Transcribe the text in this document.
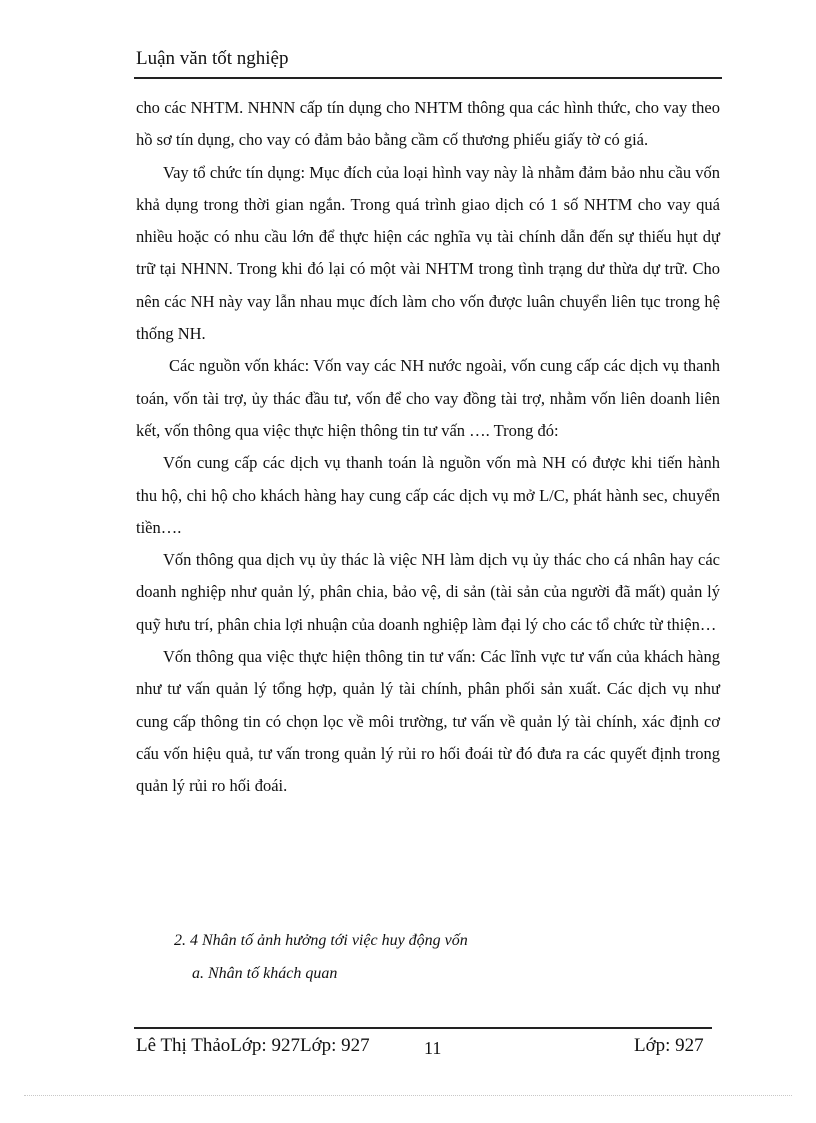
Luận văn tốt nghiệp

cho các NHTM. NHNN cấp tín dụng cho NHTM thông qua các hình thức, cho vay theo hồ sơ tín dụng, cho vay có đảm bảo bằng cầm cố thương phiếu giấy tờ có giá.

Vay tổ chức tín dụng: Mục đích của loại hình vay này là nhằm đảm bảo nhu cầu vốn khả dụng trong thời gian ngắn. Trong quá trình giao dịch có 1 số NHTM cho vay quá nhiều hoặc có nhu cầu lớn để thực hiện các nghĩa vụ tài chính dẫn đến sự thiếu hụt dự trữ tại NHNN. Trong khi đó lại có một vài NHTM trong tình trạng dư thừa dự trữ. Cho nên các NH này vay lẫn nhau mục đích làm cho vốn được luân chuyển liên tục trong hệ thống NH.

Các nguồn vốn khác: Vốn vay các NH nước ngoài, vốn cung cấp các dịch vụ thanh toán, vốn tài trợ, ủy thác đầu tư, vốn để cho vay đồng tài trợ, nhằm vốn liên doanh liên kết, vốn thông qua việc thực hiện thông tin tư vấn …. Trong đó:

Vốn cung cấp các dịch vụ thanh toán là nguồn vốn mà NH có được khi tiến hành thu hộ, chi hộ cho khách hàng hay cung cấp các dịch vụ mở L/C, phát hành sec, chuyển tiền….

Vốn thông qua dịch vụ ủy thác là việc NH làm dịch vụ ủy thác cho cá nhân hay các doanh nghiệp như quản lý, phân chia, bảo vệ, di sản (tài sản của người đã mất) quản lý quỹ hưu trí, phân chia lợi nhuận của doanh nghiệp làm đại lý cho các tổ chức từ thiện…

Vốn thông qua việc thực hiện thông tin tư vấn: Các lĩnh vực tư vấn của khách hàng như tư vấn quản lý tổng hợp, quản lý tài chính, phân phối sản xuất. Các dịch vụ như cung cấp thông tin có chọn lọc về môi trường, tư vấn về quản lý tài chính, xác định cơ cấu vốn hiệu quả, tư vấn trong quản lý rủi ro hối đoái từ đó đưa ra các quyết định trong quản lý rủi ro hối đoái.

2. 4 Nhân tố ảnh hưởng tới việc huy động vốn
a. Nhân tố khách quan
Lê Thị ThảoLớp: 927Lớp: 927	11	Lớp: 927
